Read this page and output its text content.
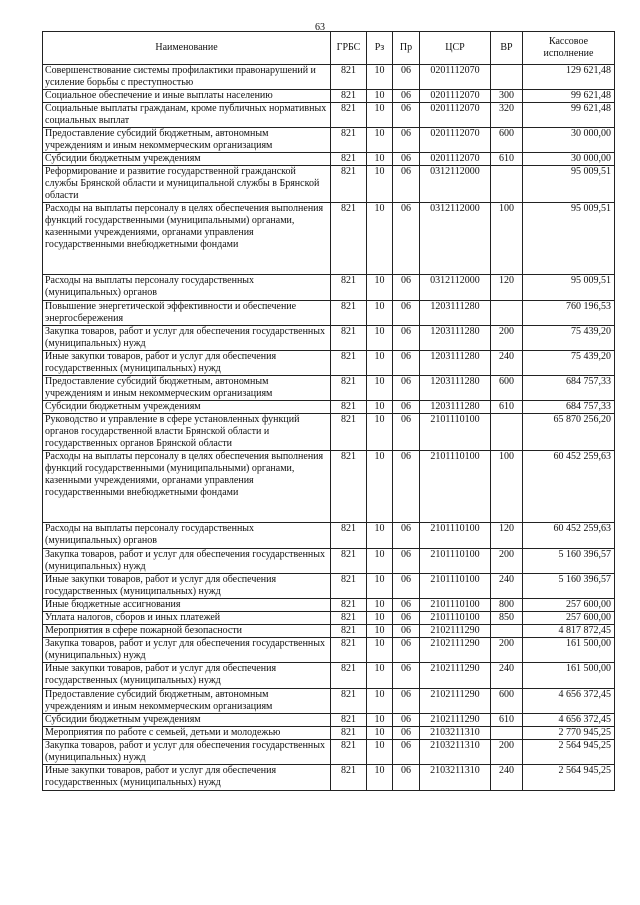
63
Наименование	ГРБС	Рз	Пр	ЦСР	ВР	Кассовое исполнение
Совершенствование системы профилактики правонарушений и усиление борьбы с преступностью	821	10	06	0201112070		129 621,48
Социальное обеспечение и иные выплаты населению	821	10	06	0201112070	300	99 621,48
Социальные выплаты гражданам, кроме публичных нормативных социальных выплат	821	10	06	0201112070	320	99 621,48
Предоставление субсидий бюджетным, автономным учреждениям и иным некоммерческим организациям	821	10	06	0201112070	600	30 000,00
Субсидии бюджетным учреждениям	821	10	06	0201112070	610	30 000,00
Реформирование и развитие государственной гражданской службы Брянской области и муниципальной службы в Брянской области	821	10	06	0312112000		95 009,51
Расходы на выплаты персоналу в целях обеспечения выполнения функций государственными (муниципальными) органами, казенными учреждениями, органами управления государственными внебюджетными фондами	821	10	06	0312112000	100	95 009,51
Расходы на выплаты персоналу государственных (муниципальных) органов	821	10	06	0312112000	120	95 009,51
Повышение энергетической эффективности и обеспечение энергосбережения	821	10	06	1203111280		760 196,53
Закупка товаров, работ и услуг для обеспечения государственных (муниципальных) нужд	821	10	06	1203111280	200	75 439,20
Иные закупки товаров, работ и услуг для обеспечения государственных (муниципальных) нужд	821	10	06	1203111280	240	75 439,20
Предоставление субсидий бюджетным, автономным учреждениям и иным некоммерческим организациям	821	10	06	1203111280	600	684 757,33
Субсидии бюджетным учреждениям	821	10	06	1203111280	610	684 757,33
Руководство и управление в сфере установленных функций органов государственной власти Брянской области и государственных органов Брянской области	821	10	06	2101110100		65 870 256,20
Расходы на выплаты персоналу в целях обеспечения выполнения функций государственными (муниципальными) органами, казенными учреждениями, органами управления государственными внебюджетными фондами	821	10	06	2101110100	100	60 452 259,63
Расходы на выплаты персоналу государственных (муниципальных) органов	821	10	06	2101110100	120	60 452 259,63
Закупка товаров, работ и услуг для обеспечения государственных (муниципальных) нужд	821	10	06	2101110100	200	5 160 396,57
Иные закупки товаров, работ и услуг для обеспечения государственных (муниципальных) нужд	821	10	06	2101110100	240	5 160 396,57
Иные бюджетные ассигнования	821	10	06	2101110100	800	257 600,00
Уплата налогов, сборов и иных платежей	821	10	06	2101110100	850	257 600,00
Мероприятия в сфере пожарной безопасности	821	10	06	2102111290		4 817 872,45
Закупка товаров, работ и услуг для обеспечения государственных (муниципальных) нужд	821	10	06	2102111290	200	161 500,00
Иные закупки товаров, работ и услуг для обеспечения государственных (муниципальных) нужд	821	10	06	2102111290	240	161 500,00
Предоставление субсидий бюджетным, автономным учреждениям и иным некоммерческим организациям	821	10	06	2102111290	600	4 656 372,45
Субсидии бюджетным учреждениям	821	10	06	2102111290	610	4 656 372,45
Мероприятия по работе с семьей, детьми и молодежью	821	10	06	2103211310		2 770 945,25
Закупка товаров, работ и услуг для обеспечения государственных (муниципальных) нужд	821	10	06	2103211310	200	2 564 945,25
Иные закупки товаров, работ и услуг для обеспечения государственных (муниципальных) нужд	821	10	06	2103211310	240	2 564 945,25
